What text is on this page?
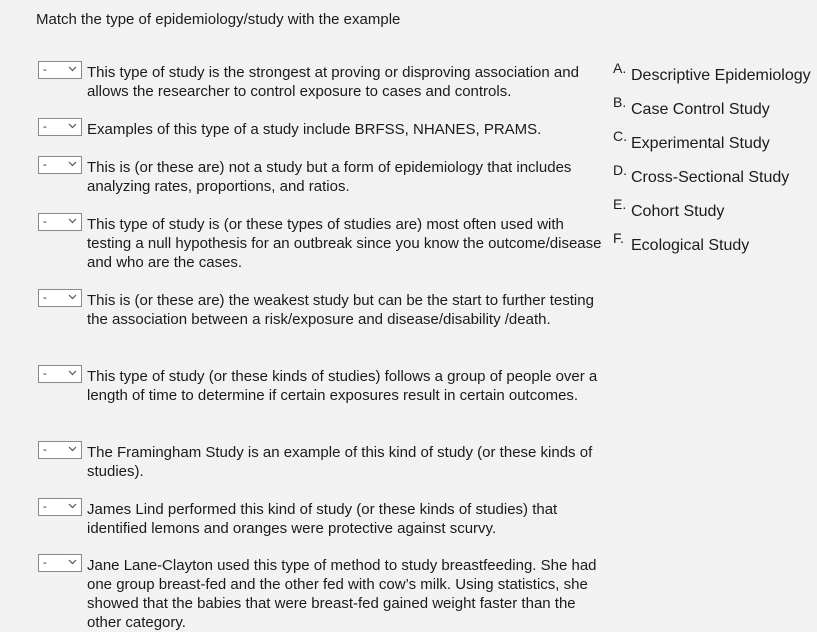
Match the type of epidemiology/study with the example
-	This type of study is the strongest at proving or disproving association and allows the researcher to control exposure to cases and controls.
-	Examples of this type of a study include BRFSS, NHANES, PRAMS.
-	This is (or these are) not a study but a form of epidemiology that includes analyzing rates, proportions, and ratios.
-	This type of study is (or these types of studies are) most often used with testing a null hypothesis for an outbreak since you know the outcome/disease and who are the cases.
-	This is (or these are) the weakest study but can be the start to further testing the association between a risk/exposure and disease/disability /death.
-	This type of study (or these kinds of studies) follows a group of people over a length of time to determine if certain exposures result in certain outcomes.
-	The Framingham Study is an example of this kind of study (or these kinds of studies).
-	James Lind performed this kind of study (or these kinds of studies) that identified lemons and oranges were protective against scurvy.
-	Jane Lane-Clayton used this type of method to study breastfeeding. She had one group breast-fed and the other fed with cow’s milk. Using statistics, she showed that the babies that were breast-fed gained weight faster than the other category.
A. Descriptive Epidemiology
B. Case Control Study
C. Experimental Study
D. Cross-Sectional Study
E. Cohort Study
F. Ecological Study
